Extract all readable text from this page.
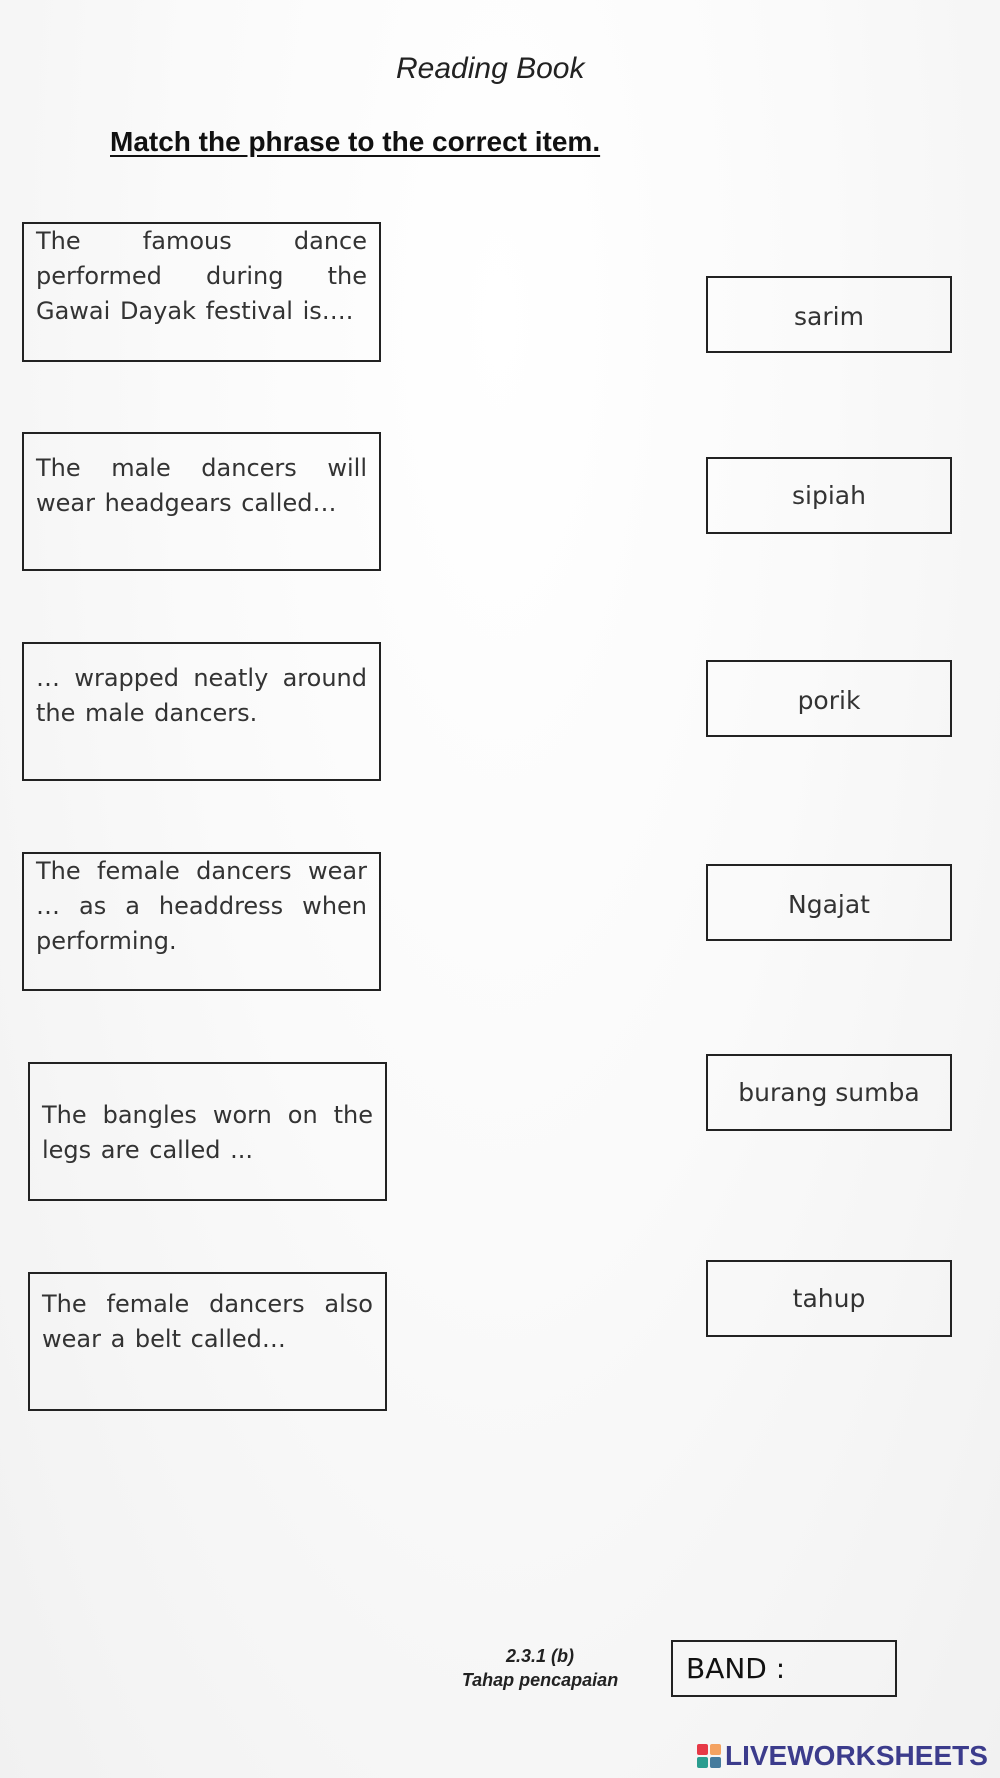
Reading Book
Match the phrase to the correct item.

The famous dance performed during the Gawai Dayak festival is….

The male dancers will wear headgears called…

… wrapped neatly around the male dancers.

The female dancers wear … as a headdress when performing.

The bangles worn on the legs are called ...

The female dancers also wear a belt called…

sarim
sipiah
porik
Ngajat
burang sumba
tahup
2.3.1 (b)
Tahap pencapaian	BAND :
LIVEWORKSHEETS
